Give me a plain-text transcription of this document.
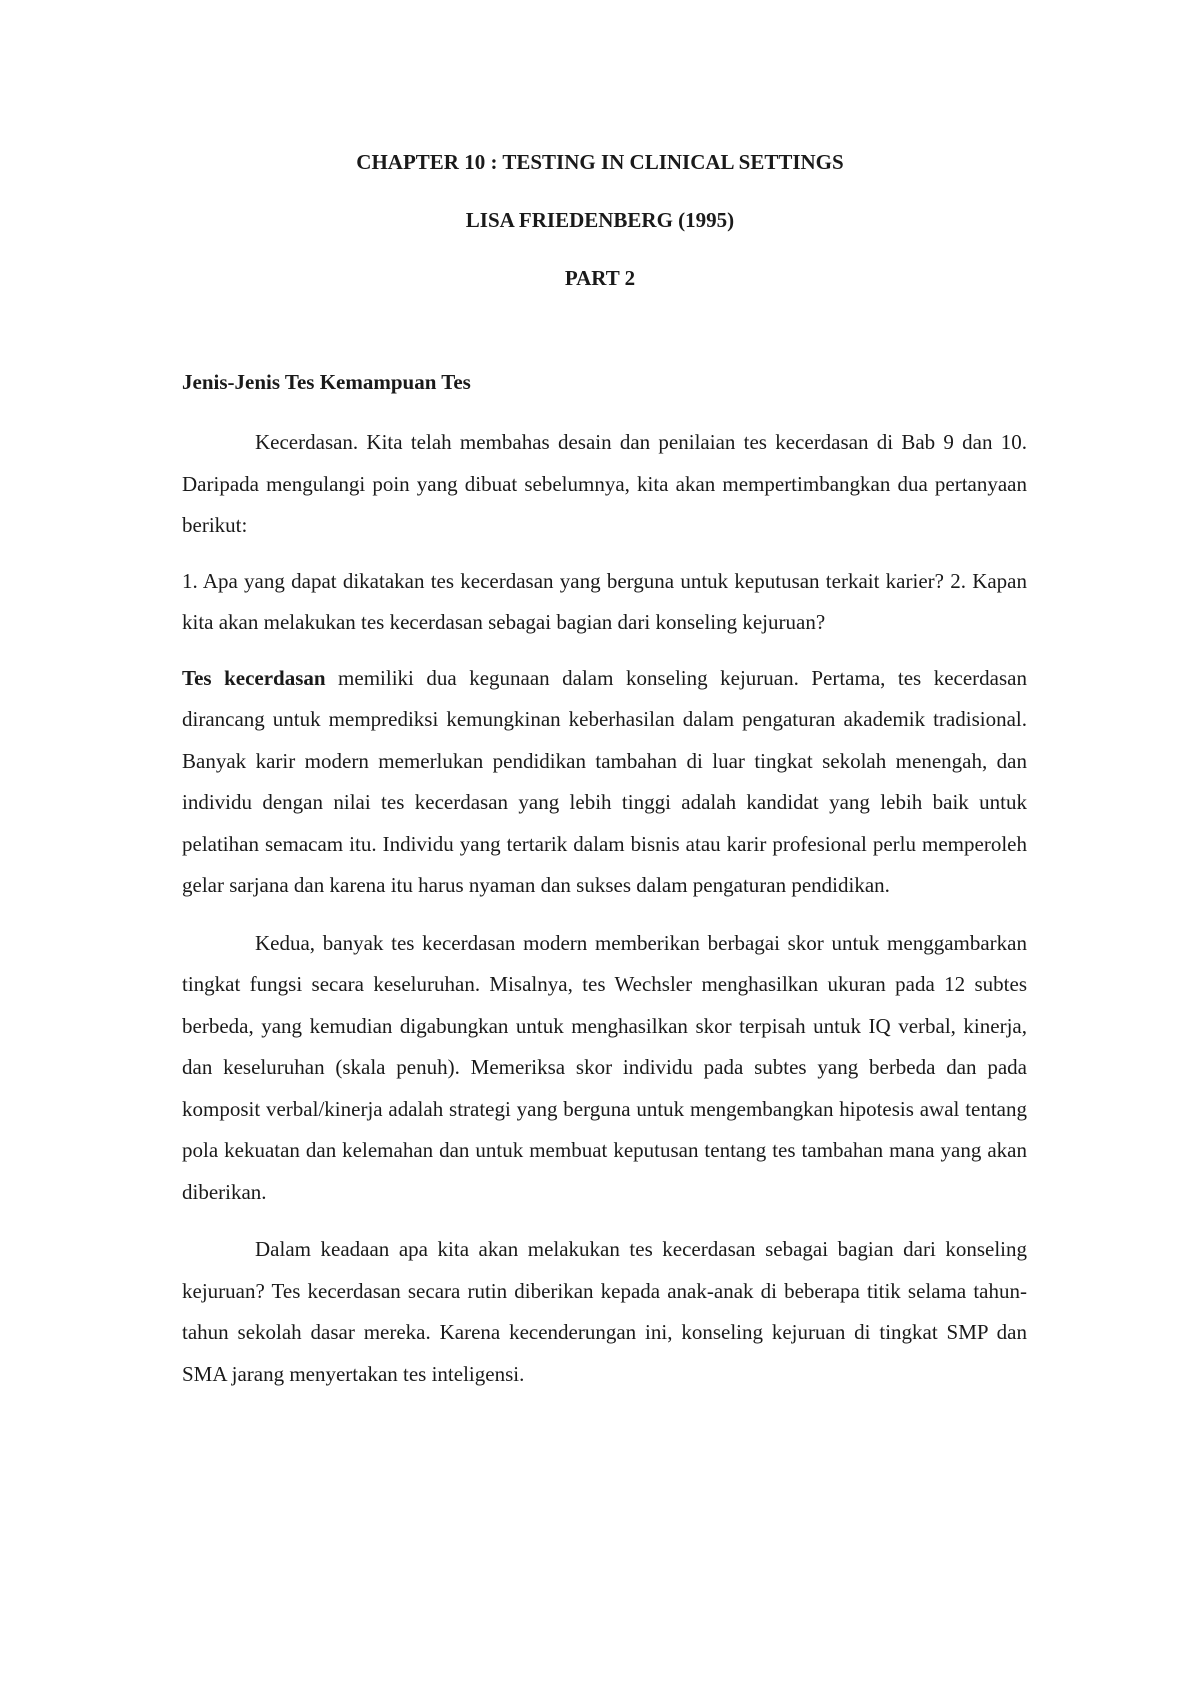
CHAPTER 10 : TESTING IN CLINICAL SETTINGS
LISA FRIEDENBERG (1995)
PART 2
Jenis-Jenis Tes Kemampuan Tes

Kecerdasan. Kita telah membahas desain dan penilaian tes kecerdasan di Bab 9 dan 10. Daripada mengulangi poin yang dibuat sebelumnya, kita akan mempertimbangkan dua pertanyaan berikut:

1. Apa yang dapat dikatakan tes kecerdasan yang berguna untuk keputusan terkait karier? 2. Kapan kita akan melakukan tes kecerdasan sebagai bagian dari konseling kejuruan?

Tes kecerdasan memiliki dua kegunaan dalam konseling kejuruan. Pertama, tes kecerdasan dirancang untuk memprediksi kemungkinan keberhasilan dalam pengaturan akademik tradisional. Banyak karir modern memerlukan pendidikan tambahan di luar tingkat sekolah menengah, dan individu dengan nilai tes kecerdasan yang lebih tinggi adalah kandidat yang lebih baik untuk pelatihan semacam itu. Individu yang tertarik dalam bisnis atau karir profesional perlu memperoleh gelar sarjana dan karena itu harus nyaman dan sukses dalam pengaturan pendidikan.

Kedua, banyak tes kecerdasan modern memberikan berbagai skor untuk menggambarkan tingkat fungsi secara keseluruhan. Misalnya, tes Wechsler menghasilkan ukuran pada 12 subtes berbeda, yang kemudian digabungkan untuk menghasilkan skor terpisah untuk IQ verbal, kinerja, dan keseluruhan (skala penuh). Memeriksa skor individu pada subtes yang berbeda dan pada komposit verbal/kinerja adalah strategi yang berguna untuk mengembangkan hipotesis awal tentang pola kekuatan dan kelemahan dan untuk membuat keputusan tentang tes tambahan mana yang akan diberikan.

Dalam keadaan apa kita akan melakukan tes kecerdasan sebagai bagian dari konseling kejuruan? Tes kecerdasan secara rutin diberikan kepada anak-anak di beberapa titik selama tahun-tahun sekolah dasar mereka. Karena kecenderungan ini, konseling kejuruan di tingkat SMP dan SMA jarang menyertakan tes inteligensi.
